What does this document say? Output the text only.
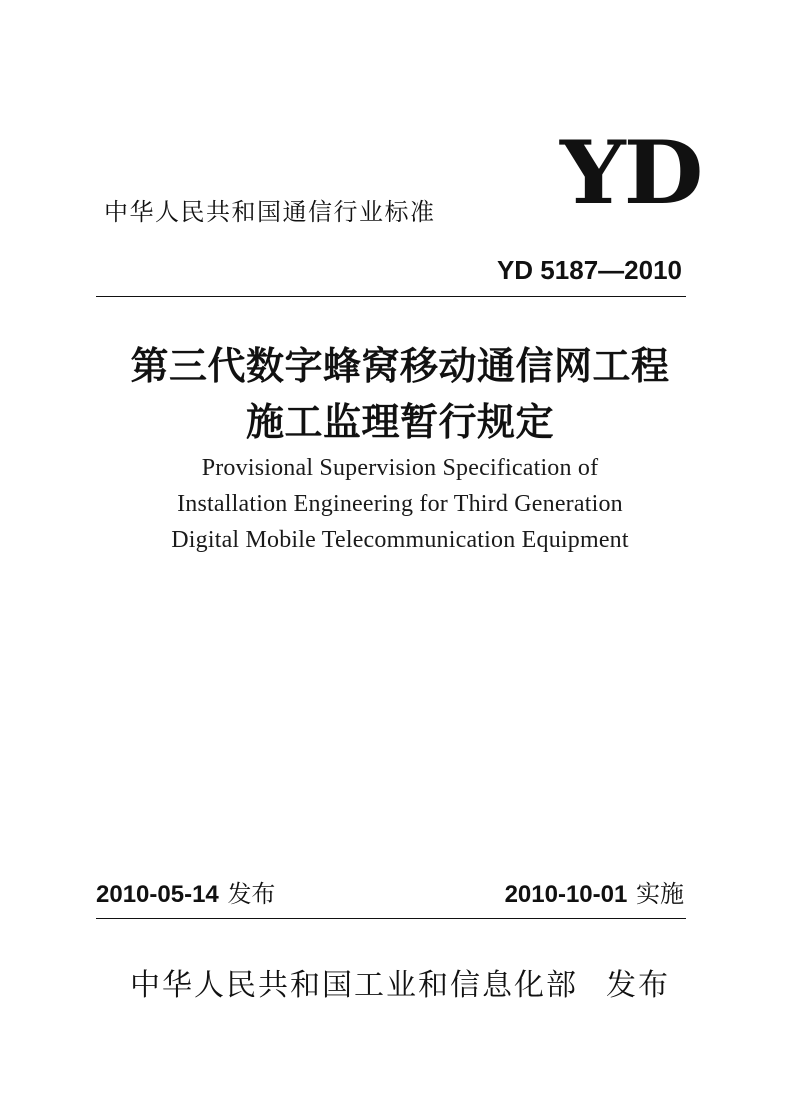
YD
中华人民共和国通信行业标准
YD 5187—2010
第三代数字蜂窝移动通信网工程
施工监理暂行规定
Provisional Supervision Specification of
Installation Engineering for Third Generation
Digital Mobile Telecommunication Equipment
2010-05-14 发布	2010-10-01 实施
中华人民共和国工业和信息化部 发布
